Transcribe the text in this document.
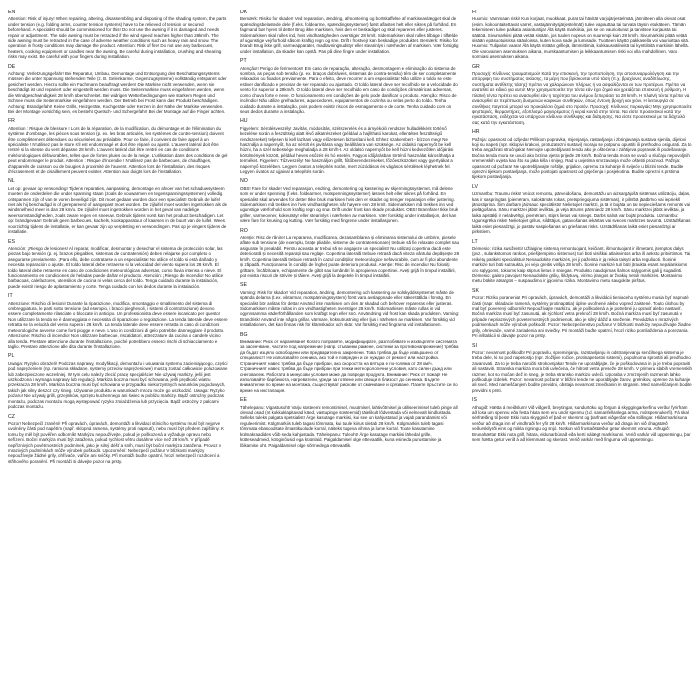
EN

Attention: Risk of injury! When repairing, altering, disassembling and disposing of the shading system, the parts under tension (e.g. folding arms, counter tension systems) have to be relieved of tension or secured beforehand. A specialist should be commissioned for this! Do not use the awning if it is damaged and needs repair or adjustment. The side awning must be retracted if the wind speed reaches higher than 28km/h. The side awning must be retracted in the case of adverse weather conditions such as heavy rain and snow. The operation in frosty conditions may damage the product. Attention: Risk of fire! Do not use any barbecues, heaters, cooking equipment or candles near the awning. Be careful during installation, crushing and shearing risks may exist. Be careful with your fingers during installation.

DE

Achtung: Verletzungsgefahr! Bei Reparatur, Umbau, Demontage und Entsorgung des Beschattungssystems müssen die unter Spannung stehenden Teile (z. B. Gelenkarme, Gegenzugsysteme) vollständig entspannt oder gesichert werden. Hierzu sollte ein Fachmann beauftragt werden! Die Markise nicht verwenden, wenn sie beschädigt ist und repariert oder eingestellt werden muss. Die Seitenmarkise muss eingefahren werden, wenn die Windgeschwindigkeit 28 km/h überschreitet. Bei widrigen Wetterbedingungen wie starkem Regen und Schnee muss die Seitenmarkise eingefahren werden. Der Betrieb bei Frost kann das Produkt beschädigen. Achtung: Brandgefahr! Keine Grills, Heizgeräte, Kochgeräte oder Kerzen in der Nähe der Markise verwenden. Bei der Montage vorsichtig sein, es besteht Quetsch- und Schergefahr! Bei der Montage auf die Finger achten.

FR

Attention : Risque de blessure ! Lors de la réparation, de la modification, du démontage et de l'élimination du système d'ombrage, les pièces sous tension (p. ex. les bras articulés, les systèmes de contre-tension) doivent être complètement détendues ou sécurisées au préalable. Pour ce faire, il convient de faire appel à un spécialiste ! N'utilisez pas le store s'il est endommagé et doit être réparé ou ajusté. L'auvent latéral doit être rentré si la vitesse du vent dépasse 28 km/h. L'auvent latéral doit être rentré en cas de conditions météorologiques défavorables, telles que de fortes pluies ou de la neige. L'utilisation dans des conditions de gel peut endommager le produit. Attention : Risque d'incendie ! N'utilisez pas de barbecues, de chauffages, d'appareils de cuisson ou de bougies à proximité de l'auvent. Attention lors de l'installation, des risques d'écrasement et de cisaillement peuvent exister. Attention aux doigts lors de l'installation.

NL

Let op: gevaar op verwonding! Tijdens reparaties, aanpassing, demontage en afvoer van het schaduwsysteem moeten de onderdelen die onder spanning staan (zoals de vouwarmen en tegenspanningssystemen) volledig ontspannen zijn of van te voren beveiligd zijn. Dit moet gedaan worden door een specialist! Gebruik de luifel niet als hij beschadigd is of gerepareerd of aangepast moet worden. De zijluifel moet worden ingetrokken als de windsnelheid meer is dan 28 km/u. De zijluifel moet ingetrokken worden in het geval van nadelige weersomstandigheden, zoals zware regen en sneeuw. Gebruik tijdens vorst kan het product beschadigen. Let op: brandgevaar! Gebruik geen barbecues, kachels, kookapparatuur of kaarsen in de buurt van de luifel. Wees voorzichtig tijdens de installatie, er kan gevaar zijn op verpletting en verwondingen. Pas op je vingers tijdens de installatie.

ES

Atención: ¡Riesgo de lesiones! Al reparar, modificar, desmontar y desechar el sistema de protección solar, las piezas bajo tensión (p. ej. brazos plegables, sistemas de contratensión) deben relajarse por completo o asegurarse previamente. ¡Para ello, debe contratarse a un especialista! No utilice el toldo si está dañado y necesita reparación o ajuste. El toldo lateral debe retraerse si la velocidad del viento supera los 28 km/h. El toldo lateral debe retraerse en caso de condiciones meteorológicas adversas, como lluvia intensa o nieve. El funcionamiento en condiciones de heladas puede dañar el producto. Atención: ¡Riesgo de incendio! No utilice barbacoas, calefactores, utensilios de cocina ni velas cerca del toldo. Tenga cuidado durante la instalación, puede existir riesgo de aplastamiento y corte. Tenga cuidado con los dedos durante la instalación.

IT

Attenzione: Rischio di lesioni! Durante la riparazione, modifica, smontaggio e smaltimento del sistema di ombreggiatura, le parti sotto tensione (ad esempio, i bracci pieghevoli, i sistemi di controtrazione) devono essere completamente rilasciate o bloccate in anticipo. Un professionista deve essere incaricato per questo! Non utilizzare la tenda se è danneggiata e necessita di riparazione o regolazione. La tenda laterale deve essere retratta se la velocità del vento supera i 28 km/h. La tenda laterale deve essere retratta in caso di condizioni meteorologiche avverse come forti piogge e neve. L'uso in condizioni di gelo potrebbe danneggiare il prodotto. Attenzione: Rischio di incendio! Non utilizzare barbecue, riscaldatori, attrezzature da cucina o candele vicino alla tenda. Prestare attenzione durante l'installazione, poiché potrebbero esserci rischi di schiacciamento e taglio. Prestare attenzione alle dita durante l'installazione.

PL

Uwaga: Ryzyko obrażeń! Podczas naprawy, modyfikacji, demontażu i usuwania systemu zacieniającego, części pod naprężeniem (np. ramiona składane, systemy przeciw naprężeniowe) muszą zostać całkowicie poluzowane lub zabezpieczone wcześniej. W tym celu należy zlecić pracę specjaliście! Nie używaj markizy, jeśli jest uszkodzona i wymaga naprawy lub regulacji. Markiza boczna musi być schowana, jeśli prędkość wiatru przekracza 28 km/h. Markiza boczna musi być schowana w przypadku niekorzystnych warunków pogodowych, takich jak silny deszcz czy śnieg. Używanie produktu w warunkach mrozu może go uszkodzić. Uwaga: Ryzyko pożaru! Nie używaj grilli, grzejników, sprzętu kuchennego ani świec w pobliżu markizy. Bądź ostrożny podczas montażu, podczas montażu mogą występować ryzyko zmiażdżenia lub przycięcia. Bądź ostrożny z palcami podczas montażu.

CZ

Pozor! Nebezpečí zranění! Při opravách, úpravách, demontáži a likvidaci stínicího systému musí být nejprve uvolněny části pod napětím (např. sklopná ramena, systémy proti napnutí), nebo musí být předem zajištěny. K tomu by měl být pověřen odborník! Markýzu nepoužívejte, pokud je poškozená a vyžaduje opravu nebo seřízení. Boční markýza musí být zatažena, pokud rychlost větru dosáhne více než 28 km/h. V případě nepříznivých povětrnostních podmínek, jako je silný déšť a sníh, musí být boční markýza zatažena. Provoz v mrazivých podmínkách může výrobek poškodit. Upozornění: Nebezpečí požáru! V blízkosti markýzy nepoužívejte žádné grily, ohřívače, vařiče ani svíčky. Při montáži buďte opatrní, hrozí nebezpečí rozdrcení a střihového poranění. Při montáži si dávejte pozor na prsty.

DK

Bemærk: Risiko for skader! Ved reparation, ændring, afmontering og bortskaffelse af markiseanlægget skal de spændingsbelastede dele (f.eks. foldearme, spændingssystemer) først aflastes helt eller sikres på forhånd. En fagmand bør hyres til dette! Brug ikke markisen, hvis den er beskadiget og skal repareres eller justeres. Sidemarkisen skal rulles ind, hvis vindhastigheden overstiger 28 km/t. Sidemarkisen skal rulles tilbage i tilfælde af ugunstige vejrforhold såsom kraftig regn og sne. Drift i frostvejr kan beskadige produktet. Bemærk: Risiko for brand! Brug ikke grill, varmeapparater, madlavningsudstyr eller stearinlys i nærheden af markisen. Vær forsigtig under installation, da skader kan opstå. Pas på dine fingre under installation.

PT

Atenção!! Perigo de ferimentos!! Em caso de reparação, alteração, desmontagem e eliminação do sistema de sombra, as peças sob tensão (p. ex. braços dobráveis, sistemas de contra-tensão) têm de ser completamente relaxados ou fixados previamente. Para o efeito, deve recorrer a um especialista! Não utilize o toldo se este estiver danificado e precisar de ser reparado ou ajustado. O toldo lateral deve ser recolhido se a velocidade do vento for superior a 28km/h. O toldo lateral deve ser recolhido em caso de condições climatéricas adversas, como chuva forte e neve. O funcionamento em condições de gelo pode danificar o produto. Atenção: Risco de incêndio! Não utilize grelhadores, aquecedores, equipamentos de cozinha ou velas perto do toldo. Tenha cuidado durante a instalação, pois podem existir riscos de esmagamento e de corte. Tenha cuidado com os seus dedos durante a instalação.

HU

Figyelem: Sérülésveszély! Javítás, módosítás, szétszerelés és a árnyékoló rendszer hulladékként történő kezelése során a feszültség alatt lévő alkatrészeket (például a hajlítható karokat, ellentétes feszültségű rendszereket) teljesen ki kell lazítani vagy előzetesen biztosítani kell. Ehhez szakembert ‑ bízzon meg! Ne használja a napernyőt, ha az sérült és javításra vagy beállításra van szüksége. Az oldalsó napernyőt be kell húzni, ha a szél sebessége meghaladja a 28 km/h-t. Az oldalsó napernyőt be kell húzni kedvezőtlen időjárási körülmények között, például heves esőzés és hó esetén. Fagyos időjárásban történő használat károsíthatja a terméket. Figyelem: Tűzveszély! Ne használjon grillt, fűtőberendezéseket, főzőeszközöket vagy gyertyákat a napernyő közelében. Legyen óvatos a telepítés során, mert zúzódásos és vágásos sérülések léphetnek fel. Legyen óvatos az ujjaival a telepítés során.

NO

OBS! Fare for skade! Ved reparasjon, endring, demontering og kassering av skjermingssystemet, må delene som er under spenning (f.eks. foldearmer, motspenningssystemer) løsnes helt eller sikres på forhånd. En spesialist skal anvendes for dette! Ikke bruk markisen hvis den er skadet og trenger reparasjon eller justering. Sidemarkisen må trekkes inn hvis vindhastigheten når høyere enn 28 km/t. Sidemarkisen må trekkes inn ved ugunstige værforhold som kraftig regn og snø. Drift under frost kan skade produktet. OBS! Brannfare! Ikke bruk griller, varmeovner, kokeutstyr eller stearinlys i nærheten av markisen. Vær forsiktig under installasjon, det kan være fare for knusing og kutting. Vær forsiktig med fingrene under installasjonen.

RO

Atenție: Risc de rănire! La repararea, modificarea, dezasamblarea și eliminarea sistemului de umbrire, piesele aflate sub tensiune (de exemplu, brațe pliabile, sisteme de contratensionare) trebuie să fie relaxate complet sau asigurate în prealabil. Pentru aceasta ar trebui să se angajeze un specialist! Nu utilizați copertina dacă este deteriorată și necesită reparații sau reglaje. Copertina laterală trebuie retrasă dacă viteza vântului depășește 28 km/h. Copertina laterală trebuie retrasă în cazul condițiilor meteorologice nefavorabile, cum ar fi ploi abundente și zăpadă. Funcționarea în condiții de îngheț poate deteriora produsul. Atenție: Risc de incendiu! Nu folosiți grătare, încălzitoare, echipamente de gătit sau lumânări în apropierea copertinei. Aveți grijă în timpul instalării, pot exista riscuri de strivire și tăiere. Aveți grijă la degetele în timpul instalării.

SE

Varning: Risk för skador! Vid reparation, ändring, demontering och kassering av solskyddssystemet måste de spända delarna (t.ex. viktarmar, motspänningssystem) först vara avslappnade eller säkerställda i förväg. En specialist bör anlitas för detta! Använd inte markisen om den är skadad och behöver repareras eller justeras. Sidomarkisen måste rullas in om vindhastigheten överstiger 28 km/h. Sidomarkisen måste rullas in vid ogynnsamma väderförhållanden som kraftigt regn eller snö. Användning vid frost kan skada produkten. Varning: Brandrisk! Använd inte några grillar, värmare, köksutrustning eller ljus i närheten av markisen. Var försiktig vid installationen, det kan finnas risk för klämskador och skär. Var försiktig med fingrarna vid installationen.

BG

Внимание: Риск от нараняване! Когато поправяте, модифицирате, разглобявате и изхвърляте системата за засенчване, частите под напрежение (напр. сгъваеми рамене, системи за противонапрежение) трябва да бъдат изцяло освободени или предварително закрепени. Това трябва да бъде извършено от специалист! Не използвайте сенника, ако той е повреден и се нуждае от ремонт или настройка. Страничният навес трябва да бъде прибран, ако скоростта на вятъра е по-голяма от 28 км/ч. Страничният навес трябва да бъде прибран при тежки метеорологични условия, като силен дъжд или снеговалеж. Работата в минусови условия може да повреди продукта. Внимание: Риск от пожар! Не използвайте барбекюта, нагреватели, уреди за готвене или свещи в близост до сенника. Бъдете внимателни по време на монтажа, съществуват рискове от смачкване и срязване. Пазете пръстите си по време на инсталация.

EE

Tähelepanu: Vigastusoht! Varju süsteemi remontimisel, muutmisel, lahtivõtmisel ja utiliseerimisel tuleb pinge all olevad osad (nt kokkuklapitavad käed, vastupinge süsteemid) täielikult lõdvestada või eelnevalt kindlustada. Selleks tuleks palgata spetsialist! Ärge kasutage markiisi, kui see on kahjustatud ja vajab parandamist või reguleerimist. Külgmarkiis tuleb tagasi tõmmata, kui tuule kiirus ületab 28 km/h. Külgmarkiis tuleb tagasi tõmmata ebasoodsate ilmastikuolude korral, näiteks tugeva vihma ja lume korral. Toote kasutamine külmakraadides võib seda kahjustada. Tähelepanu: Tuleoht! Ärge kasutage markiisi lähedal grille, kütteseadmeid, kööginõusid ega küünlaid. Paigaldamisel olge ettevaatlik, kuna esineda purustamise ja lõikamise oht. Paigaldamisel olge sõrmedega ettevaatlik.

FI

Huomio: Vammaan riski! Kun korjaat, muokkaat, purat tai hävität varjojärjestelmää, jännitteen alla olevat osat (esim. kokoontaitettavat varret, vastajännitysjärjestelmät) tulee vapauttaa tai turvata täysin etukäteen. Tämän tekemiseen tulee palkata asiantuntija! Älä käytä markiisia, jos se on vaurioitunut ja tarvitsee korjausta tai säätöä. Sivumarkiisi pitää vetää sisään, jos tuulen nopeus on suurempi kuin 28 km/h. Sivumarkiisi pitää vetää sisään epäsuotuisissa sääoloissa, kuten kova sade ja lumisade. Tuotteen käyttö pakkasella voi vaurioittaa sitä. Huomio: Tulipalon vaara! Älä käytä mitään grillejä, lämmittimiä, kokkausvälineitä tai kynttilöitä markiisin lähellä. Ole varovainen asennuksen aikana, murskaantumisen ja leikkaantumisen riski voi olla mahdollinen. Varo sormiasi asennuksen aikana.

GR

Προσοχή: Κίνδυνος τραυματισμού! Κατά την επισκευή, την τροποποίηση, την αποσυναρμολόγηση και την απόρριψη του συστήματος σκίασης, τα μέρη που βρίσκονται υπό τάση (π.χ. βραχίονες αναδίπλωσης, συστήματα αντίθετης τάσης) πρέπει να χαλαρώνουν πλήρως ή να ασφαλίζονται εκ των προτέρων. Πρέπει να ανατεθεί σε ειδικό για αυτό! Μην χρησιμοποιείτε την τέντα εάν έχει ζημιά και χρειάζεται επισκευή ή ρύθμιση. Η πλαϊνή τέντα πρέπει να ανασυρθεί εάν η ταχύτητα του ανέμου ξεπεράσει τα 28 km/h. Η πλαϊνή τέντα πρέπει να ανασυρθεί σε περίπτωση δυσμενών καιρικών συνθηκών, όπως έντονη βροχή και χιόνι. Η λειτουργία σε συνθήκες παγετού μπορεί να προκαλέσει ζημιά στο προϊόν. Προσοχή: Κίνδυνος πυρκαγιάς! Μην χρησιμοποιείτε ψησταριές, θερμαντήρες, εξοπλισμό μαγειρέματος ή κεριά κοντά στην τέντα. Να είστε προσεκτικοί κατά την εγκατάσταση, ενδέχεται να υπάρχουν κίνδυνοι σύνθλιψης και διάτμησης. Να είστε προσεκτικοί με τα δάχτυλά σας κατά την εγκατάσταση.

HR

Pažnja: opasnost od ozljeda! Prilikom popravka, mijenjanja, rastavljanja i zbrinjavanja sustava sjenila, dijelovi koji su napeti (npr. sklopivi krakovi, protuzatezni sustavi) moraju se potpuno opustiti ili prethodno osigurati. Za to treba angažirati stručnjaka! Nemojte upotrebljavati tendu ako je oštećena i zahtijeva popravak ili podešavanje. Bočna tenda mora se uvući ako brzina vjetra prijeđe 28 km/h. Bočna tenda mora se uvući u slučaju nepovoljnih vremenskih uvjeta kao što su jaka kiša i snijeg. Rad u uvjetima smrzavanja može oštetiti proizvod. Pažnja: opasnost od požara! Ne upotrebljavajte roštilje, grijalice, opremu za kuhanje ili svijeće u blizini tende. Budite oprezni tijekom postavljanja, može postojati opasnost od gnječenja i posjekotina. Budite oprezni s prstima tijekom postavljanja.

LV

Uzmanību: Traumu risks! Veicot remontu, pārveidošanu, demontāžu un aizsargājošā sistēmas utilizāciju, daļas, kas ir saspringtas (piemēram, salokāmās rokas, pretspriegojuma sistēmas), ir pilnībā jāatbrīvo vai iepriekš jānostiprina. Šim darbam jāizsauc speciālists! Nelietojiet markīzi, ja tā ir bojāta un tai nepieciešams remonts vai pielāgošana. Sānu markīzei jābūt ievilktai, ja vēja ātrums pārsniedz 28 km/h. Sānu markīzei jābūt ievilktai, ja laika apstākļi ir nelabvēlīgi, piemēram, stiprs lietus vai sniegs. Darbs salnā var bojāt produktu. Uzmanību: Ugunsgrēka risks! Nelietojiet grilus, sildītājus, gatavošanas iekārtas vai sveces markīzes tuvumā. Uzstādīšanas laikā esiet piesardzīgi, jo pastāv saspiešanas un griešanas risks. Uzstādīšanas laikā esiet piesardzīgi ar pirkstiem.

LT

Dėmesio: rizika susižeisti! Užlaiginę sistemą remontuojant, keičiant, išmontuojant ir išmetant, įtemptos dalys (pvz., sulankstomos rankos, priešįtempimo sistemos) turi būti visiškai atlaisvintos arba iš anksto pritvirtintos. Tai reikėtų patikėti specialistui! Nenaudokite markizės, jei ji pažeista ir ją reikia taisyti arba reguliuoti. Šoninė markizė turi būti sutraukta, jei vėjo greitis viršija 28 km/h. Šoninė markizė turi būti įtraukta esant nepalankioms oro sąlygoms, tokioms kaip stiprus lietus ir sniegas. Produkto naudojimas šalnos sąlygomis gali jį sugadinti. Dėmesio: gaisro pavojus! Nenaudokite grilių, šildytuvų, virimo įrangos ar žvakių netoli markizės. Montavimo metu būkite atsargūs – suspaudimo ir įpjovimo rizika. Montavimo metu saugokite pirštus.

SK

Pozor: Riziko poranenia! Pri opravách, úpravách, demontáži a likvidácii tieniaceho systému musia byť napnuté časti (napr. skladacie ramená, systémy protinapätia) úplne uvoľnené alebo vopred zaistené. Touto úlohou by mal byť poverený odborník! Nepoužívajte markízu, ak je poškodená a je potrebné ju opraviť alebo nastaviť. Bočná markíza musí byť zasunutá, ak rýchlosť vetra prekročí 28 km/h. Bočná markíza musí byť zasunutá v prípade nepriaznivých poveternostných podmienok, ako je silný dážď a sneženie. Prevádzka v mrazivých podmienkach môže výrobok poškodiť. Pozor: Nebezpečenstvo požiaru! V blízkosti markízy nepoužívajte žiadne grily, ohrievače, varné zariadenia ani sviečky. Pri montáži buďte opatrní, hrozí riziko pomliaždenia a porezania. Pri inštalácii si dávajte pozor na prsty.

SI

Pozor: nevarnost poškodb! Pri popravilu, spreminjanju, razstavljanju in odstranjevanju senčilnega sistema je treba dele, ki so pod napetostjo (npr. zložljive ročice, protinapetostni sistemi), popolnoma sprostiti ali predhodno zavarovati. Za to je treba naročiti strokovnjaka! Tende ne uporabljajte, če je poškodovana in jo je treba popraviti ali nastaviti. Stranska markiza mora biti uvlečena, če hitrost vetra preseže 28 km/h. V primeru slabih vremenskih razmer, kot so močan dež in sneg, je treba stransko markizo uvleči. Uporaba v zmrznjenih razmerah lahko poškoduje izdelek. Pozor: nevarnost požara! V bližini tende ne uporabljajte žarov, grelnikov, opreme za kuhanje ali sveč. Med nameščanjem bodite previdni, obstaja nevarnost zmečkanin in strganin. Med nameščanjem bodite previdni s prsti.

IS

Athugið: Hætta á meiðslum! Við viðgerð, breytingar, sundurtöku og förgun á skyggingarkerfinu verður fyrirfram að losa um spennu eða festa hluta sem eru undir spennu (t.d. samanfellanlega arma, mótspennukerfi). Fá skal sérfræðing til þess! Ekki nota skyggnið ef það er skemmt og þarfnast viðgerðar eða stillingar. Hliðarmarkísuna verður að draga inn ef vindhraði fer yfir 28 km/h. Hliðarmarkísuna verður að draga inn við óhagstæð veðurskilyrði eins og mikla rigningu og snjó. Notkun við frostaðstæður getur skemmt vöruna. Athugið: Brunahætta! Ekki nota grill, hitara, eldunarbúnað eða kerti nálægt markísunni. Verið varkár við uppsetningu, þar sem hætta getur verið á að klemmast og skerast. Verið varkár með fingurna við uppsetningu.
